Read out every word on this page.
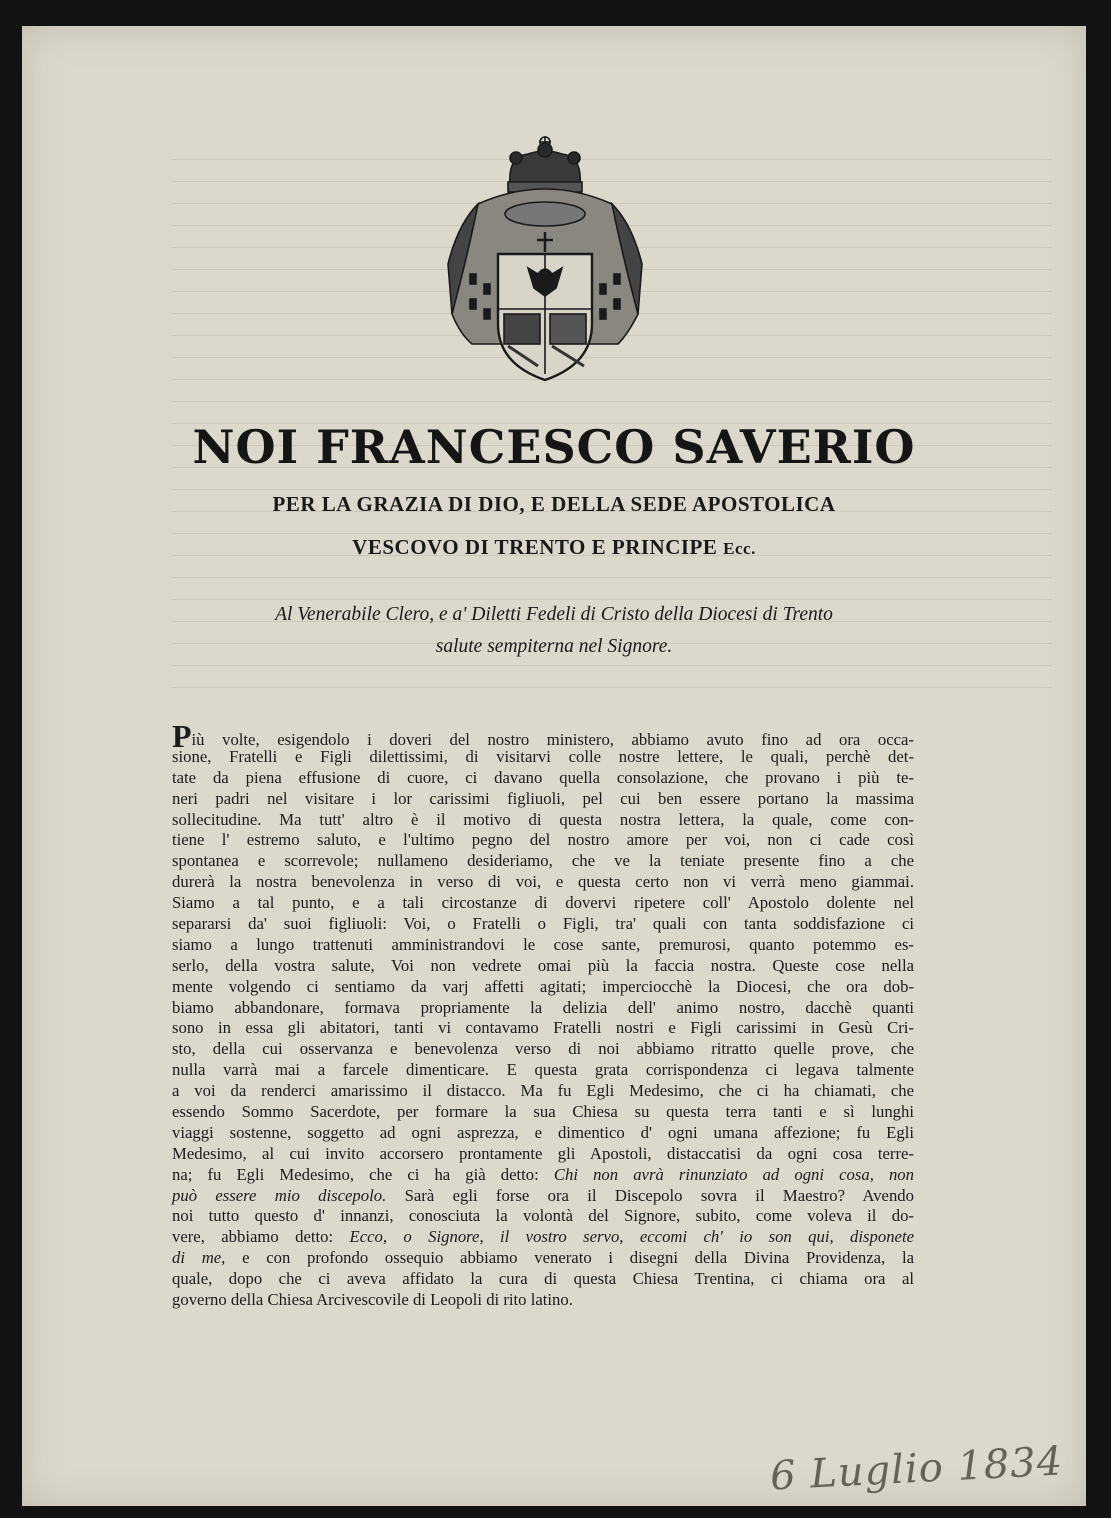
NOI FRANCESCO SAVERIO

PER LA GRAZIA DI DIO, E DELLA SEDE APOSTOLICA

VESCOVO DI TRENTO E PRINCIPE Ecc.

Al Venerabile Clero, e a' Diletti Fedeli di Cristo della Diocesi di Trento

salute sempiterna nel Signore.

Più volte, esigendolo i doveri del nostro ministero, abbiamo avuto fino ad ora occa-
sione, Fratelli e Figli dilettissimi, di visitarvi colle nostre lettere, le quali, perchè det-
tate da piena effusione di cuore, ci davano quella consolazione, che provano i più te-
neri padri nel visitare i lor carissimi figliuoli, pel cui ben essere portano la massima
sollecitudine. Ma tutt' altro è il motivo di questa nostra lettera, la quale, come con-
tiene l' estremo saluto, e l'ultimo pegno del nostro amore per voi, non ci cade così
spontanea e scorrevole; nullameno desideriamo, che ve la teniate presente fino a che
durerà la nostra benevolenza in verso di voi, e questa certo non vi verrà meno giammai.
Siamo a tal punto, e a tali circostanze di dovervi ripetere coll' Apostolo dolente nel
separarsi da' suoi figliuoli: Voi, o Fratelli o Figli, tra' quali con tanta soddisfazione ci
siamo a lungo trattenuti amministrandovi le cose sante, premurosi, quanto potemmo es-
serlo, della vostra salute, Voi non vedrete omai più la faccia nostra. Queste cose nella
mente volgendo ci sentiamo da varj affetti agitati; imperciocchè la Diocesi, che ora dob-
biamo abbandonare, formava propriamente la delizia dell' animo nostro, dacchè quanti
sono in essa gli abitatori, tanti vi contavamo Fratelli nostri e Figli carissimi in Gesù Cri-
sto, della cui osservanza e benevolenza verso di noi abbiamo ritratto quelle prove, che
nulla varrà mai a farcele dimenticare. E questa grata corrispondenza ci legava talmente
a voi da renderci amarissimo il distacco. Ma fu Egli Medesimo, che ci ha chiamati, che
essendo Sommo Sacerdote, per formare la sua Chiesa su questa terra tanti e sì lunghi
viaggi sostenne, soggetto ad ogni asprezza, e dimentico d' ogni umana affezione; fu Egli
Medesimo, al cui invito accorsero prontamente gli Apostoli, distaccatisi da ogni cosa terre-
na; fu Egli Medesimo, che ci ha già detto: Chi non avrà rinunziato ad ogni cosa, non
può essere mio discepolo. Sarà egli forse ora il Discepolo sovra il Maestro? Avendo
noi tutto questo d' innanzi, conosciuta la volontà del Signore, subito, come voleva il do-
vere, abbiamo detto: Ecco, o Signore, il vostro servo, eccomi ch' io son qui, disponete
di me, e con profondo ossequio abbiamo venerato i disegni della Divina Providenza, la
quale, dopo che ci aveva affidato la cura di questa Chiesa Trentina, ci chiama ora al
governo della Chiesa Arcivescovile di Leopoli di rito latino.
6 Luglio 1834
